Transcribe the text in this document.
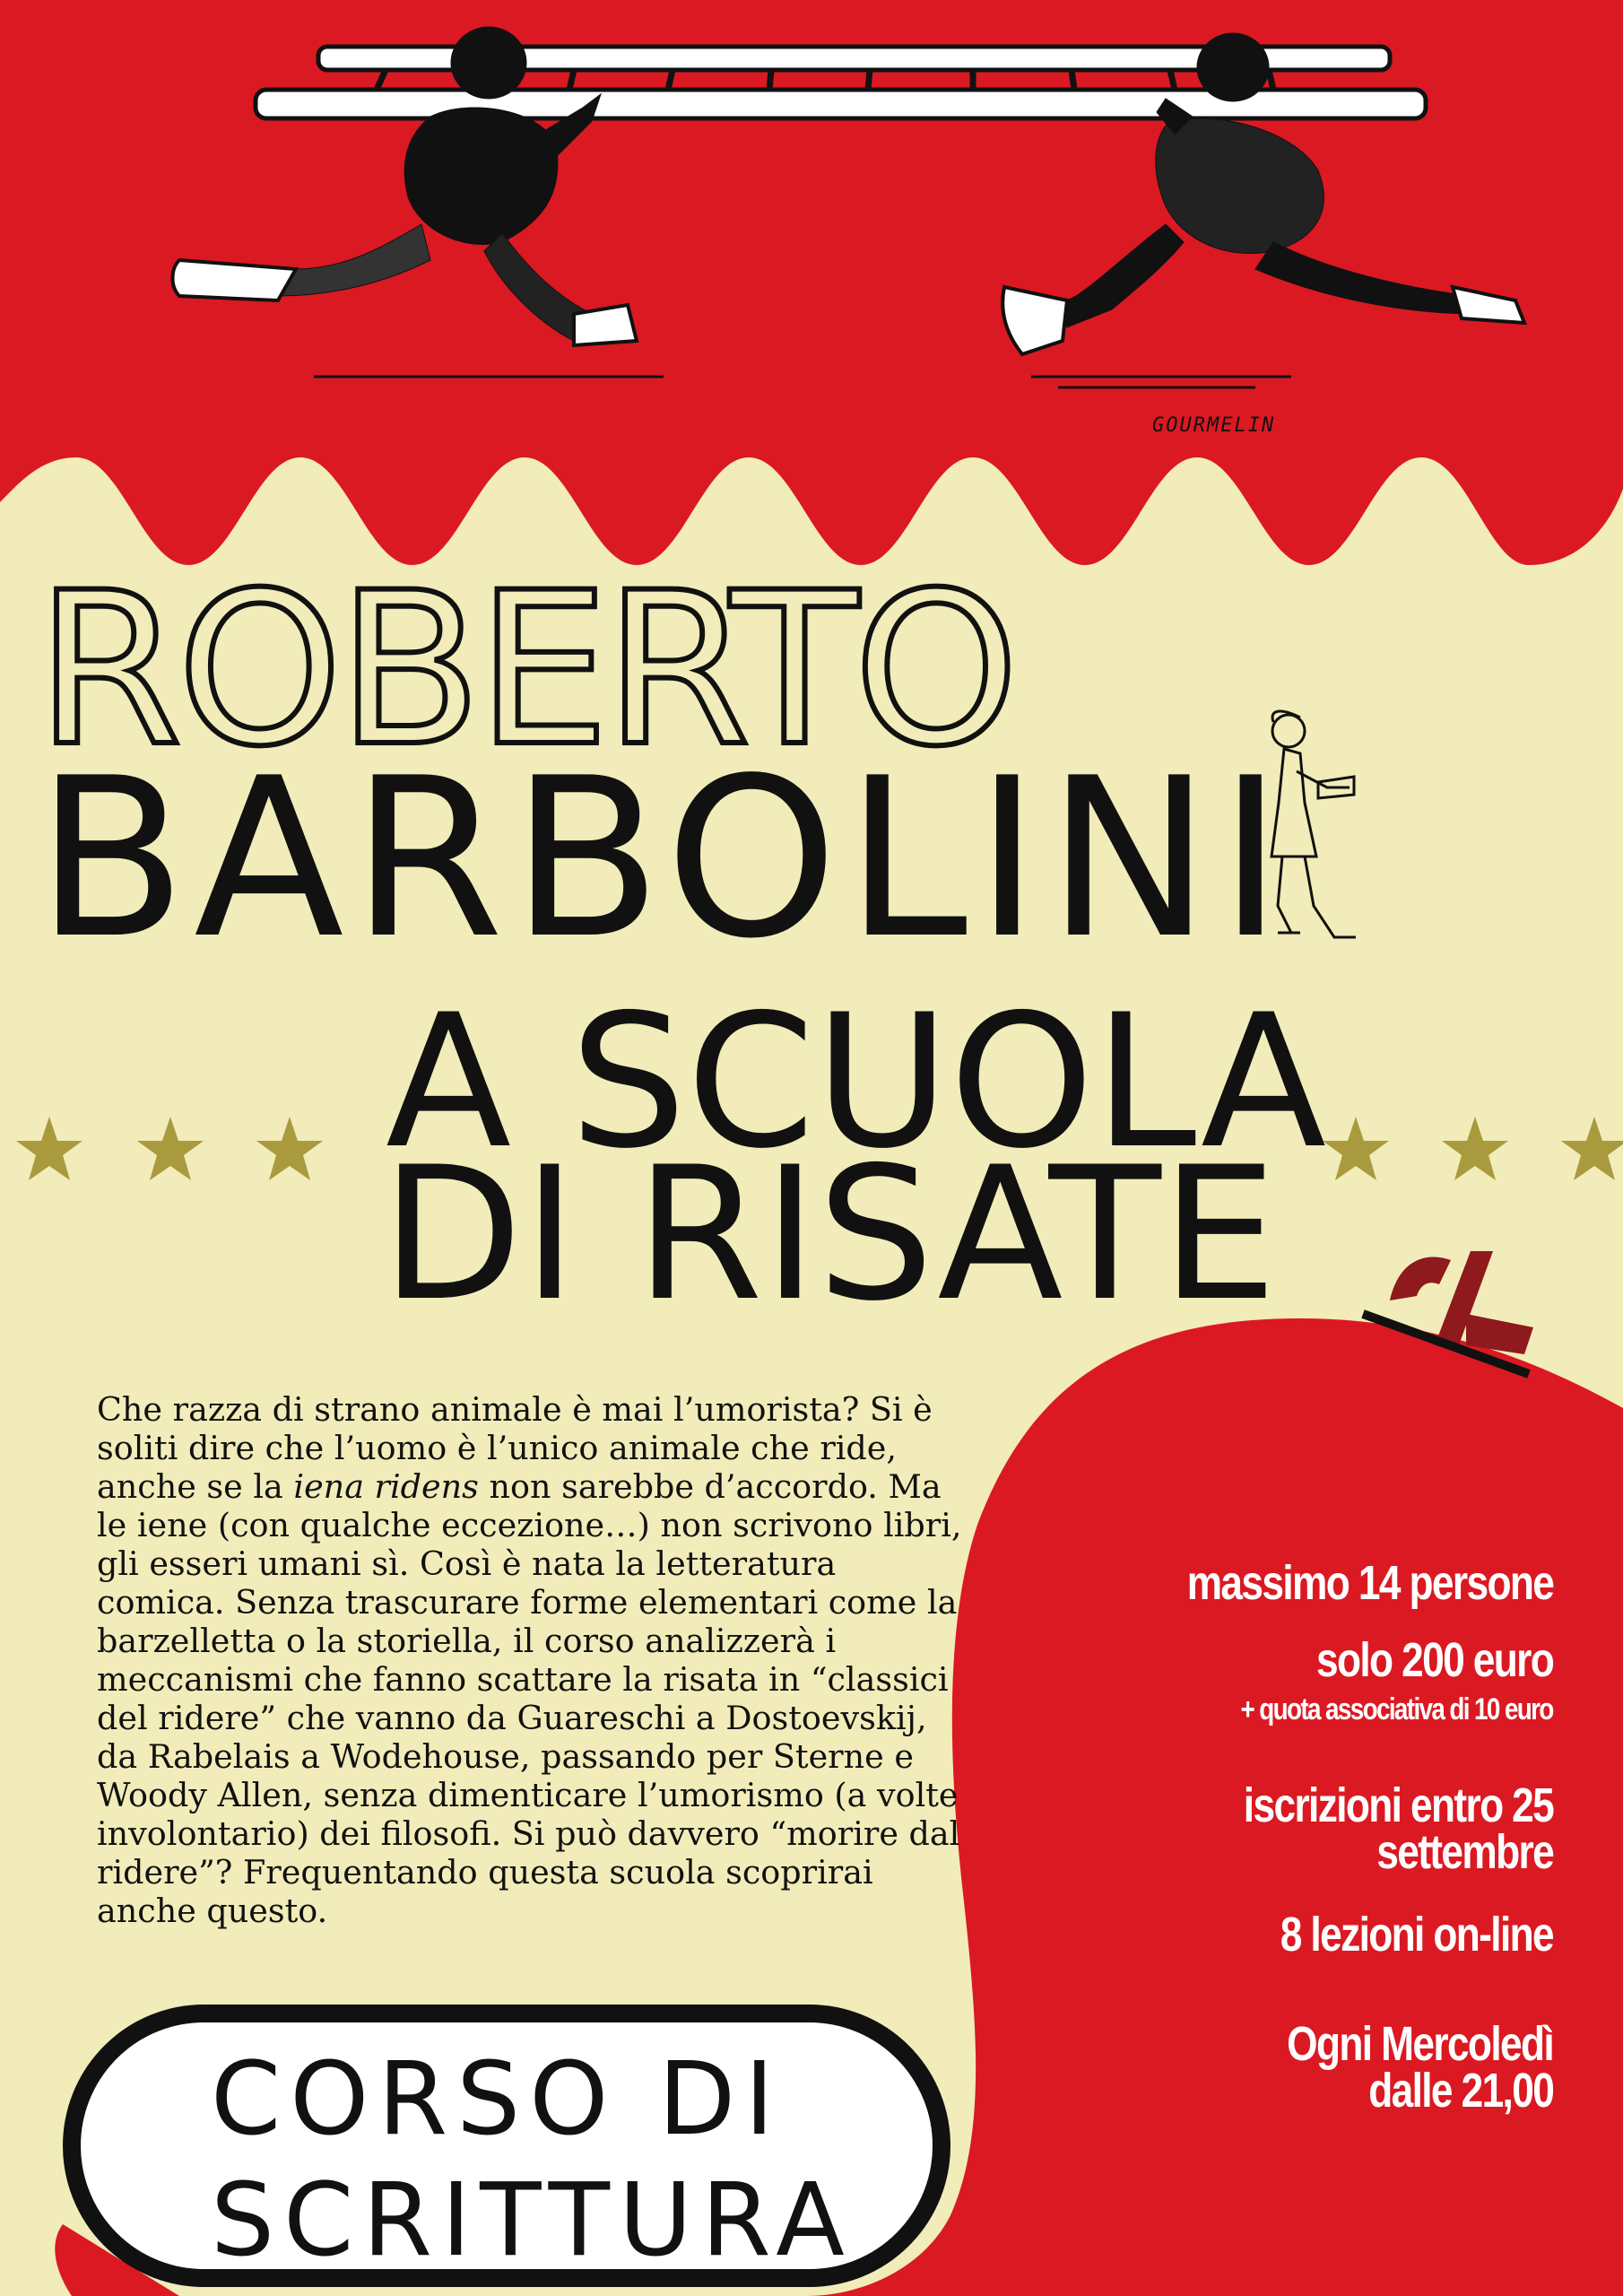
GOURMELIN
ROBERTO
BARBOLINI
A SCUOLA
DI RISATE

Che razza di strano animale è mai l’umorista? Si è soliti dire che l’uomo è l’unico animale che ride, anche se la iena ridens non sarebbe d’accordo. Ma le iene (con qualche eccezione…) non scrivono libri, gli esseri umani sì. Così è nata la letteratura comica. Senza trascurare forme elementari come la barzelletta o la storiella, il corso analizzerà i meccanismi che fanno scattare la risata in “classici del ridere” che vanno da Guareschi a Dostoevskij, da Rabelais a Wodehouse, passando per Sterne e Woody Allen, senza dimenticare l’umorismo (a volte involontario) dei filosofi. Si può davvero “morire dal ridere”? Frequentando questa scuola scoprirai anche questo.

massimo 14 persone
solo 200 euro
+ quota associativa di 10 euro
iscrizioni entro 25
settembre
8 lezioni on-line
Ogni Mercoledì
dalle 21,00
CORSO DI
SCRITTURA
